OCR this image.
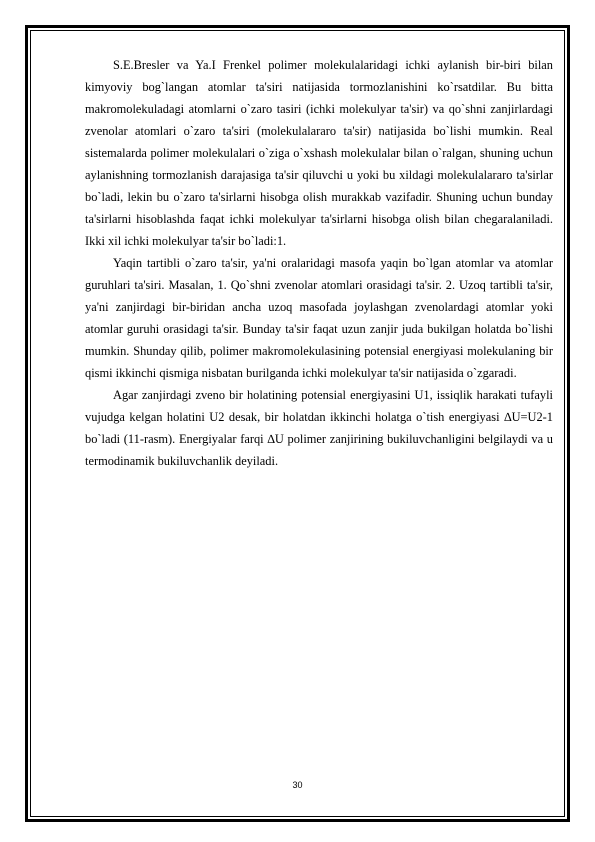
S.E.Bresler va Ya.I Frenkel polimer molekulalaridagi ichki aylanish bir-biri bilan kimyoviy bog`langan atomlar ta'siri natijasida tormozlanishini ko`rsatdilar. Bu bitta makromolekuladagi atomlarni o`zaro tasiri (ichki molekulyar ta'sir) va qo`shni zanjirlardagi zvenolar atomlari o`zaro ta'siri (molekulalararo ta'sir) natijasida bo`lishi mumkin. Real sistemalarda polimer molekulalari o`ziga o`xshash molekulalar bilan o`ralgan, shuning uchun aylanishning tormozlanish darajasiga ta'sir qiluvchi u yoki bu xildagi molekulalararo ta'sirlar bo`ladi, lekin bu o`zaro ta'sirlarni hisobga olish murakkab vazifadir. Shuning uchun bunday ta'sirlarni hisoblashda faqat ichki molekulyar ta'sirlarni hisobga olish bilan chegaralaniladi. Ikki xil ichki molekulyar ta'sir bo`ladi:1.

Yaqin tartibli o`zaro ta'sir, ya'ni oralaridagi masofa yaqin bo`lgan atomlar va atomlar guruhlari ta'siri. Masalan, 1. Qo`shni zvenolar atomlari orasidagi ta'sir. 2. Uzoq tartibli ta'sir, ya'ni zanjirdagi bir-biridan ancha uzoq masofada joylashgan zvenolardagi atomlar yoki atomlar guruhi orasidagi ta'sir. Bunday ta'sir faqat uzun zanjir juda bukilgan holatda bo`lishi mumkin. Shunday qilib, polimer makromolekulasining potensial energiyasi molekulaning bir qismi ikkinchi qismiga nisbatan burilganda ichki molekulyar ta'sir natijasida o`zgaradi.

Agar zanjirdagi zveno bir holatining potensial energiyasini U1, issiqlik harakati tufayli vujudga kelgan holatini U2 desak, bir holatdan ikkinchi holatga o`tish energiyasi ∆U=U2-1 bo`ladi (11-rasm). Energiyalar farqi ∆U polimer zanjirining bukiluvchanligini belgilaydi va u termodinamik bukiluvchanlik deyiladi.

30
